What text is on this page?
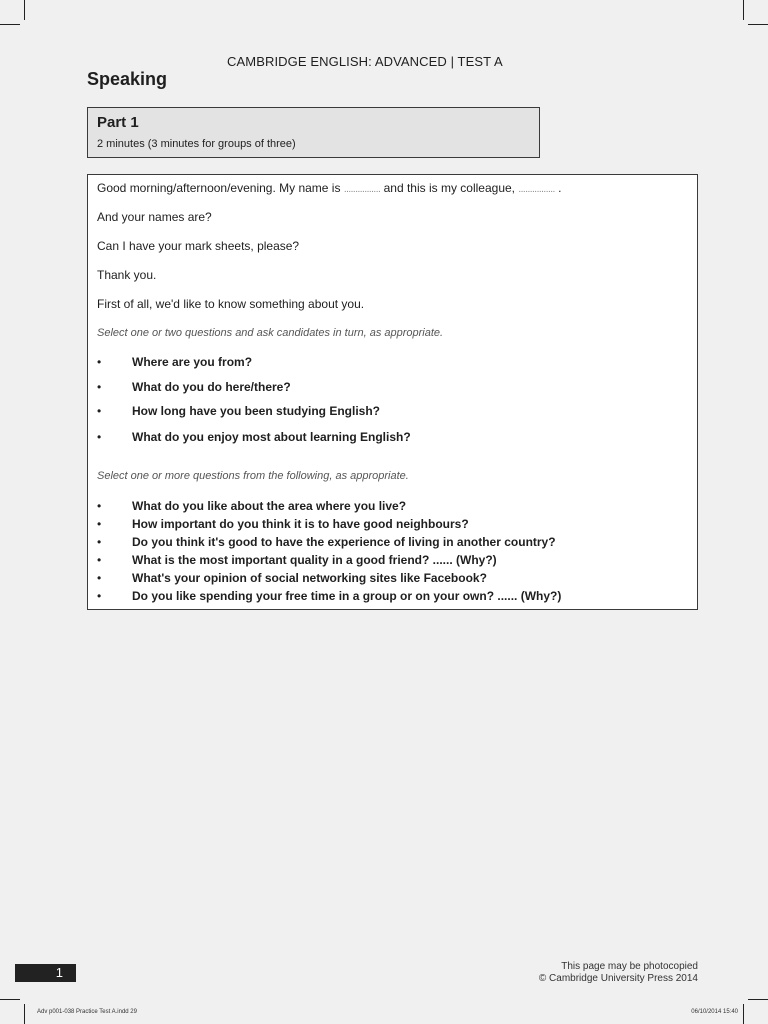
CAMBRIDGE ENGLISH: ADVANCED | TEST A
Speaking
Part 1
2 minutes (3 minutes for groups of three)
Good morning/afternoon/evening. My name is ................ and this is my colleague, ................ .
And your names are?
Can I have your mark sheets, please?
Thank you.
First of all, we'd like to know something about you.
Select one or two questions and ask candidates in turn, as appropriate.
•	Where are you from?
•	What do you do here/there?
•	How long have you been studying English?
•	What do you enjoy most about learning English?
Select one or more questions from the following, as appropriate.
•	What do you like about the area where you live?
•	How important do you think it is to have good neighbours?
•	Do you think it's good to have the experience of living in another country?
•	What is the most important quality in a good friend? ...... (Why?)
•	What's your opinion of social networking sites like Facebook?
•	Do you like spending your free time in a group or on your own? ...... (Why?)
1	This page may be photocopied
© Cambridge University Press 2014
Adv p001-038 Practice Test A.indd 29	06/10/2014 15:40
